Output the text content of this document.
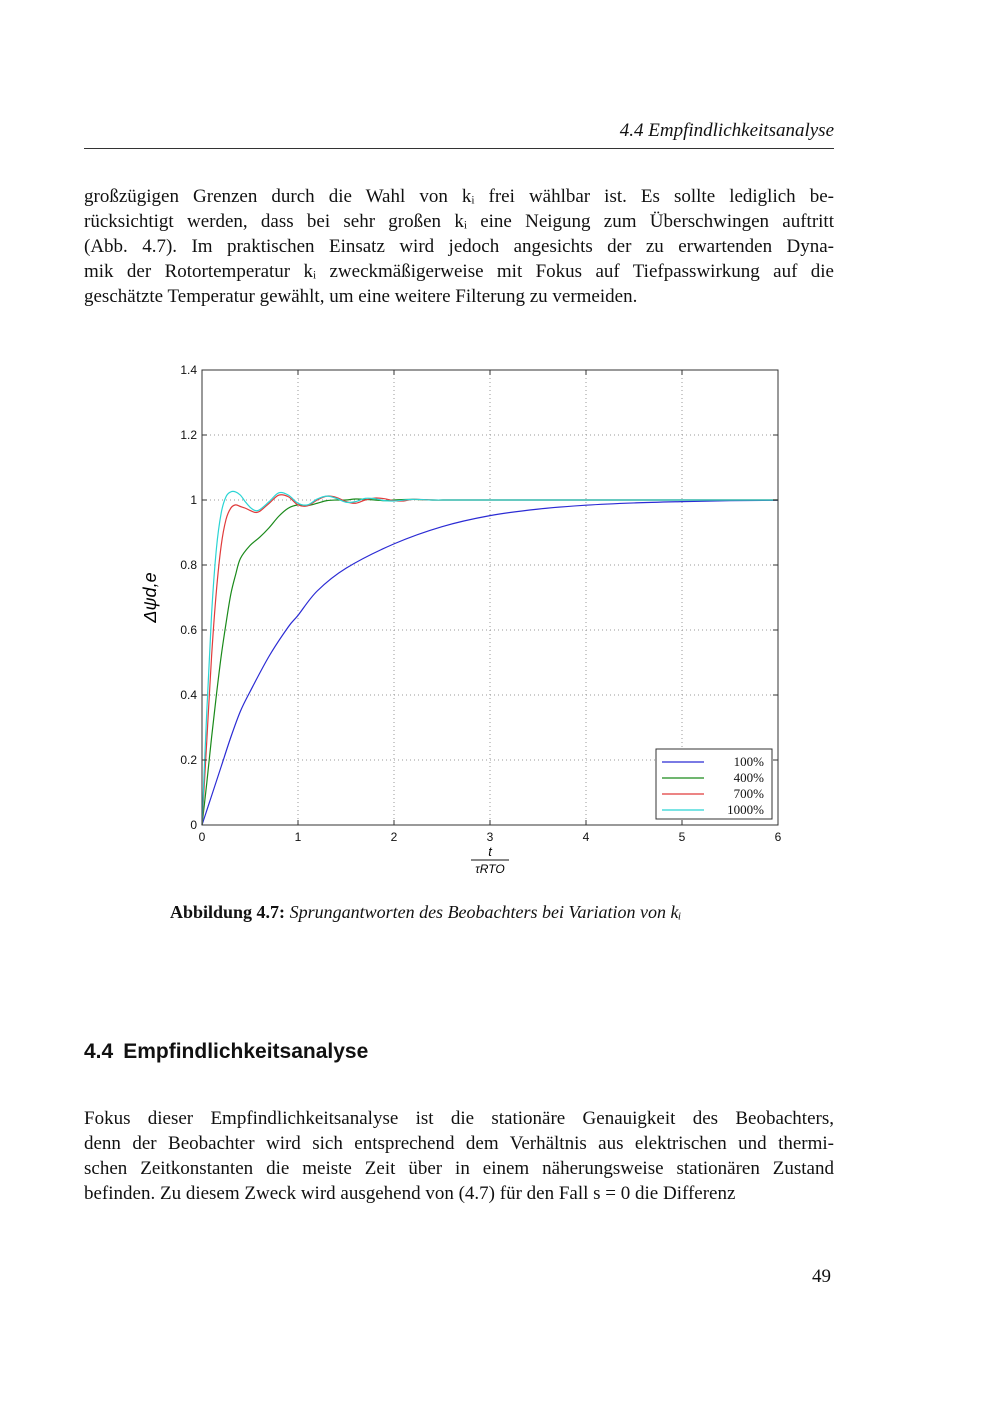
4.4 Empfindlichkeitsanalyse
großzügigen Grenzen durch die Wahl von kᵢ frei wählbar ist. Es sollte lediglich be-
rücksichtigt werden, dass bei sehr großen kᵢ eine Neigung zum Überschwingen auftritt
(Abb. 4.7). Im praktischen Einsatz wird jedoch angesichts der zu erwartenden Dyna-
mik der Rotortemperatur kᵢ zweckmäßigerweise mit Fokus auf Tiefpasswirkung auf die
geschätzte Temperatur gewählt, um eine weitere Filterung zu vermeiden.
0	1	2	3	4	5	6
0
0.2
0.4
0.6
0.8
1
1.2
1.4
Δψd,e
t
τRTO
100%
400%
700%
1000%
Abbildung 4.7: Sprungantworten des Beobachters bei Variation von kᵢ
4.4 Empfindlichkeitsanalyse
Fokus dieser Empfindlichkeitsanalyse ist die stationäre Genauigkeit des Beobachters,
denn der Beobachter wird sich entsprechend dem Verhältnis aus elektrischen und thermi-
schen Zeitkonstanten die meiste Zeit über in einem näherungsweise stationären Zustand
befinden. Zu diesem Zweck wird ausgehend von (4.7) für den Fall s = 0 die Differenz
49
